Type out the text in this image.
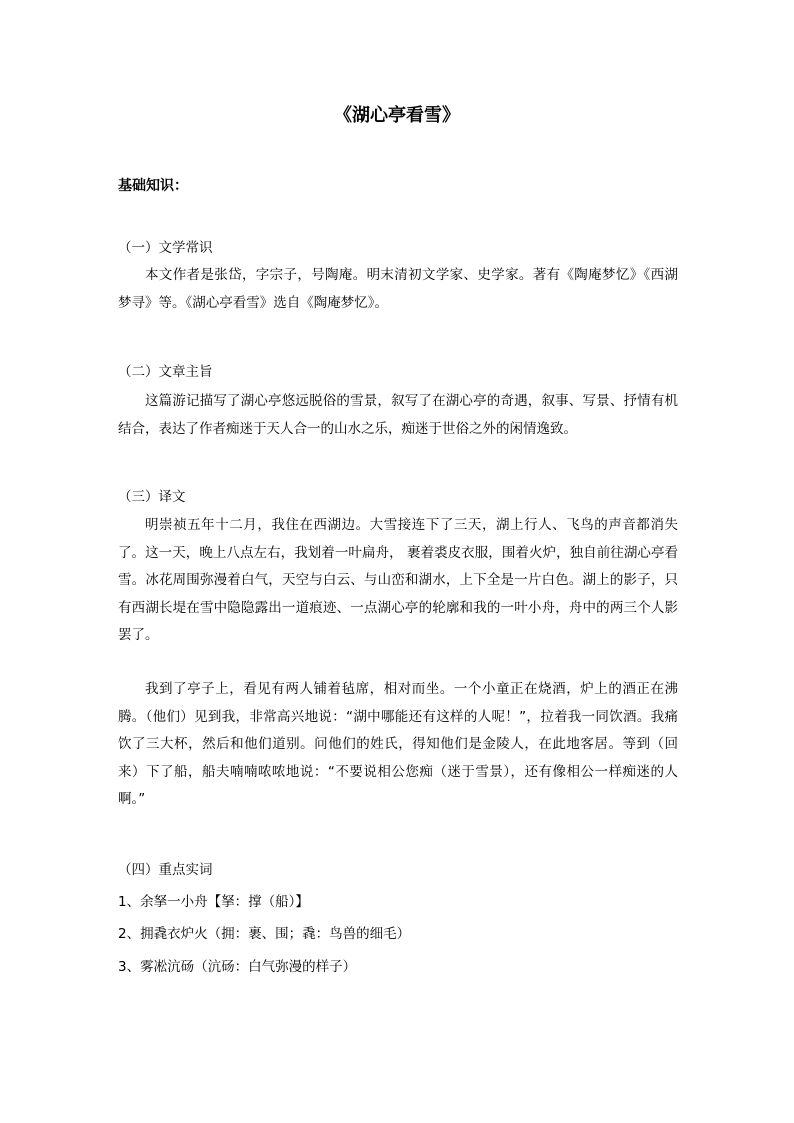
《湖心亭看雪》
基础知识：
（一）文学常识
本文作者是张岱，字宗子，号陶庵。明末清初文学家、史学家。著有《陶庵梦忆》《西湖梦寻》等。《湖心亭看雪》选自《陶庵梦忆》。
（二）文章主旨
这篇游记描写了湖心亭悠远脱俗的雪景，叙写了在湖心亭的奇遇，叙事、写景、抒情有机结合，表达了作者痴迷于天人合一的山水之乐，痴迷于世俗之外的闲情逸致。
（三）译文
明崇祯五年十二月，我住在西湖边。大雪接连下了三天，湖上行人、飞鸟的声音都消失了。这一天，晚上八点左右，我划着一叶扁舟， 裹着裘皮衣服，围着火炉，独自前往湖心亭看雪。冰花周围弥漫着白气，天空与白云、与山峦和湖水，上下全是一片白色。湖上的影子，只有西湖长堤在雪中隐隐露出一道痕迹、一点湖心亭的轮廓和我的一叶小舟，舟中的两三个人影罢了。
我到了亭子上，看见有两人铺着毡席，相对而坐。一个小童正在烧酒，炉上的酒正在沸腾。（他们）见到我，非常高兴地说：“湖中哪能还有这样的人呢！”，拉着我一同饮酒。我痛饮了三大杯，然后和他们道别。问他们的姓氏，得知他们是金陵人，在此地客居。等到（回来）下了船，船夫喃喃哝哝地说：“不要说相公您痴（迷于雪景），还有像相公一样痴迷的人啊。”
（四）重点实词
1、余拏一小舟【拏：撑（船）】
2、拥毳衣炉火（拥：裹、围；毳：鸟兽的细毛）
3、雾凇沆砀（沆砀：白气弥漫的样子）
